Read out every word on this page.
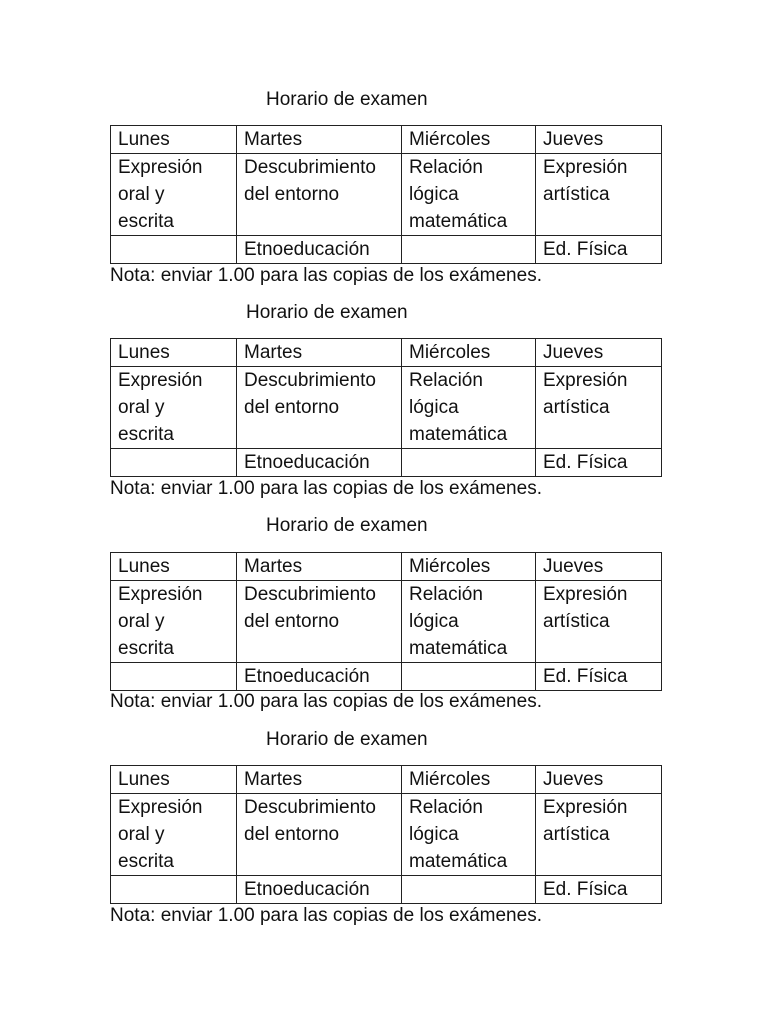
Horario de examen
Lunes	Martes	Miércoles	Jueves

Expresión
oral y
escrita	Descubrimiento
del entorno	Relación
lógica
matemática	Expresión
artística

	Etnoeducación		Ed. Física
Nota: enviar 1.00 para las copias de los exámenes.
Horario de examen
Lunes	Martes	Miércoles	Jueves

Expresión
oral y
escrita	Descubrimiento
del entorno	Relación
lógica
matemática	Expresión
artística

	Etnoeducación		Ed. Física
Nota: enviar 1.00 para las copias de los exámenes.
Horario de examen
Lunes	Martes	Miércoles	Jueves

Expresión
oral y
escrita	Descubrimiento
del entorno	Relación
lógica
matemática	Expresión
artística

	Etnoeducación		Ed. Física
Nota: enviar 1.00 para las copias de los exámenes.
Horario de examen
Lunes	Martes	Miércoles	Jueves

Expresión
oral y
escrita	Descubrimiento
del entorno	Relación
lógica
matemática	Expresión
artística

	Etnoeducación		Ed. Física
Nota: enviar 1.00 para las copias de los exámenes.
